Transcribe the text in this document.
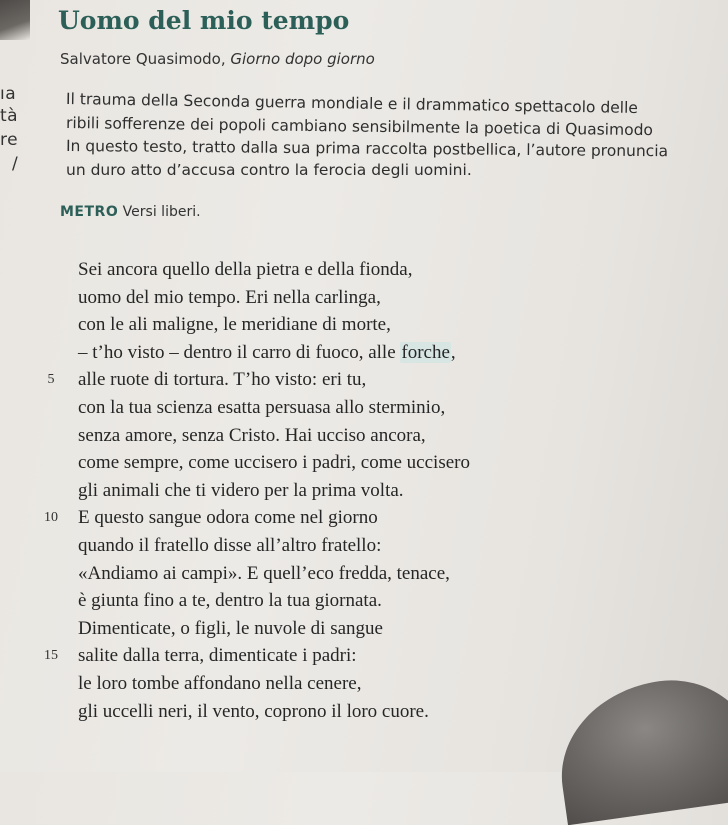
ıa
tà
re
/
Uomo del mio tempo
Salvatore Quasimodo, Giorno dopo giorno
Il trauma della Seconda guerra mondiale e il drammatico spettacolo delle
ribili sofferenze dei popoli cambiano sensibilmente la poetica di Quasimodo
In questo testo, tratto dalla sua prima raccolta postbellica, l’autore pronuncia
un duro atto d’accusa contro la ferocia degli uomini.
METRO Versi liberi.
Sei ancora quello della pietra e della fionda,
uomo del mio tempo. Eri nella carlinga,
con le ali maligne, le meridiane di morte,
– t’ho visto – dentro il carro di fuoco, alle forche,
5	alle ruote di tortura. T’ho visto: eri tu,
con la tua scienza esatta persuasa allo sterminio,
senza amore, senza Cristo. Hai ucciso ancora,
come sempre, come uccisero i padri, come uccisero
gli animali che ti videro per la prima volta.
10	E questo sangue odora come nel giorno
quando il fratello disse all’altro fratello:
«Andiamo ai campi». E quell’eco fredda, tenace,
è giunta fino a te, dentro la tua giornata.
Dimenticate, o figli, le nuvole di sangue
15	salite dalla terra, dimenticate i padri:
le loro tombe affondano nella cenere,
gli uccelli neri, il vento, coprono il loro cuore.
